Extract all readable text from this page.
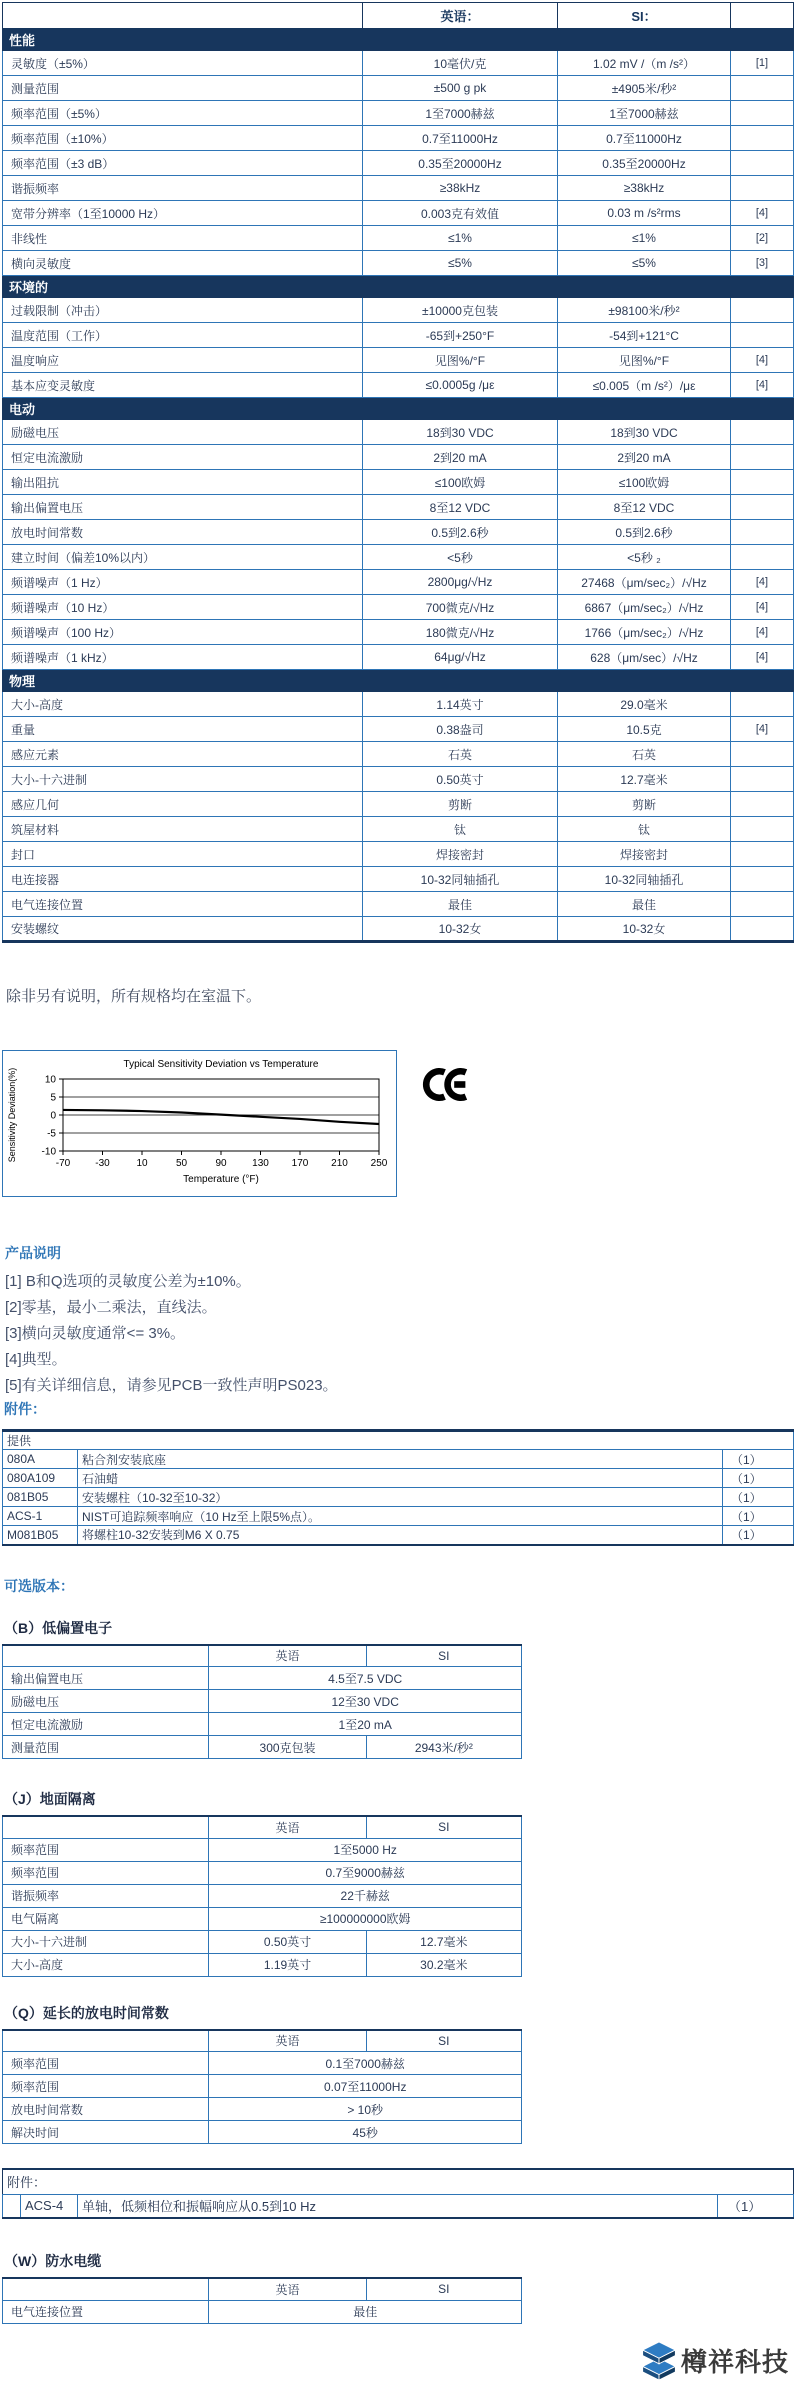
	英语：	SI：	
性能			
灵敏度（±5%）	10毫伏/克	1.02 mV /（m /s²）	[1]
测量范围	±500 g pk	±4905米/秒²	
频率范围（±5%）	1至7000赫兹	1至7000赫兹	
频率范围（±10%）	0.7至11000Hz	0.7至11000Hz	
频率范围（±3 dB）	0.35至20000Hz	0.35至20000Hz	
谐振频率	≥38kHz	≥38kHz	
宽带分辨率（1至10000 Hz）	0.003克有效值	0.03 m /s²rms	[4]
非线性	≤1%	≤1%	[2]
横向灵敏度	≤5%	≤5%	[3]
环境的			
过载限制（冲击）	±10000克包装	±98100米/秒²	
温度范围（工作）	-65到+250°F	-54到+121°C	
温度响应	见图%/°F	见图%/°F	[4]
基本应变灵敏度	≤0.0005g /με	≤0.005（m /s²）/με	[4]
电动			
励磁电压	18到30 VDC	18到30 VDC	
恒定电流激励	2到20 mA	2到20 mA	
输出阻抗	≤100欧姆	≤100欧姆	
输出偏置电压	8至12 VDC	8至12 VDC	
放电时间常数	0.5到2.6秒	0.5到2.6秒	
建立时间（偏差10%以内）	<5秒	<5秒 ₂	
频谱噪声（1 Hz）	2800μg/√Hz	27468（μm/sec₂）/√Hz	[4]
频谱噪声（10 Hz）	700微克/√Hz	6867（μm/sec₂）/√Hz	[4]
频谱噪声（100 Hz）	180微克/√Hz	1766（μm/sec₂）/√Hz	[4]
频谱噪声（1 kHz）	64μg/√Hz	628（μm/sec）/√Hz	[4]
物理			
大小-高度	1.14英寸	29.0毫米	
重量	0.38盎司	10.5克	[4]
感应元素	石英	石英	
大小-十六进制	0.50英寸	12.7毫米	
感应几何	剪断	剪断	
筑屋材料	钛	钛	
封口	焊接密封	焊接密封	
电连接器	10-32同轴插孔	10-32同轴插孔	
电气连接位置	最佳	最佳	
安装螺纹	10-32女	10-32女	
除非另有说明，所有规格均在室温下。
-10
-5
0
5
10
-70	-30	10	50	90	130 170 210 250
Typical Sensitivity Deviation vs Temperature
Temperature (°F)
Sensitivity Deviation(%)
产品说明
[1] B和Q选项的灵敏度公差为±10%。
[2]零基，最小二乘法，直线法。
[3]横向灵敏度通常<= 3%。
[4]典型。
[5]有关详细信息，请参见PCB一致性声明PS023。
附件：
提供		
080A	粘合剂安装底座	（1）
080A109	石油蜡	（1）
081B05	安装螺柱（10-32至10-32）	（1）
ACS-1	NIST可追踪频率响应（10 Hz至上限5%点）。	（1）
M081B05	将螺柱10-32安装到M6 X 0.75	（1）
可选版本：
（B）低偏置电子
	英语	SI
输出偏置电压	4.5至7.5 VDC	
励磁电压	12至30 VDC	
恒定电流激励	1至20 mA	
测量范围	300克包装	2943米/秒²
（J）地面隔离
	英语	SI
频率范围	1至5000 Hz	
频率范围	0.7至9000赫兹	
谐振频率	22千赫兹	
电气隔离	≥100000000欧姆	
大小-十六进制	0.50英寸	12.7毫米
大小-高度	1.19英寸	30.2毫米
（Q）延长的放电时间常数
	英语	SI
频率范围	0.1至7000赫兹	
频率范围	0.07至11000Hz	
放电时间常数	> 10秒	
解决时间	45秒	
附件：
	ACS-4	单轴，低频相位和振幅响应从0.5到10 Hz	（1）
（W）防水电缆
	英语	SI
电气连接位置	最佳	
樽祥科技
